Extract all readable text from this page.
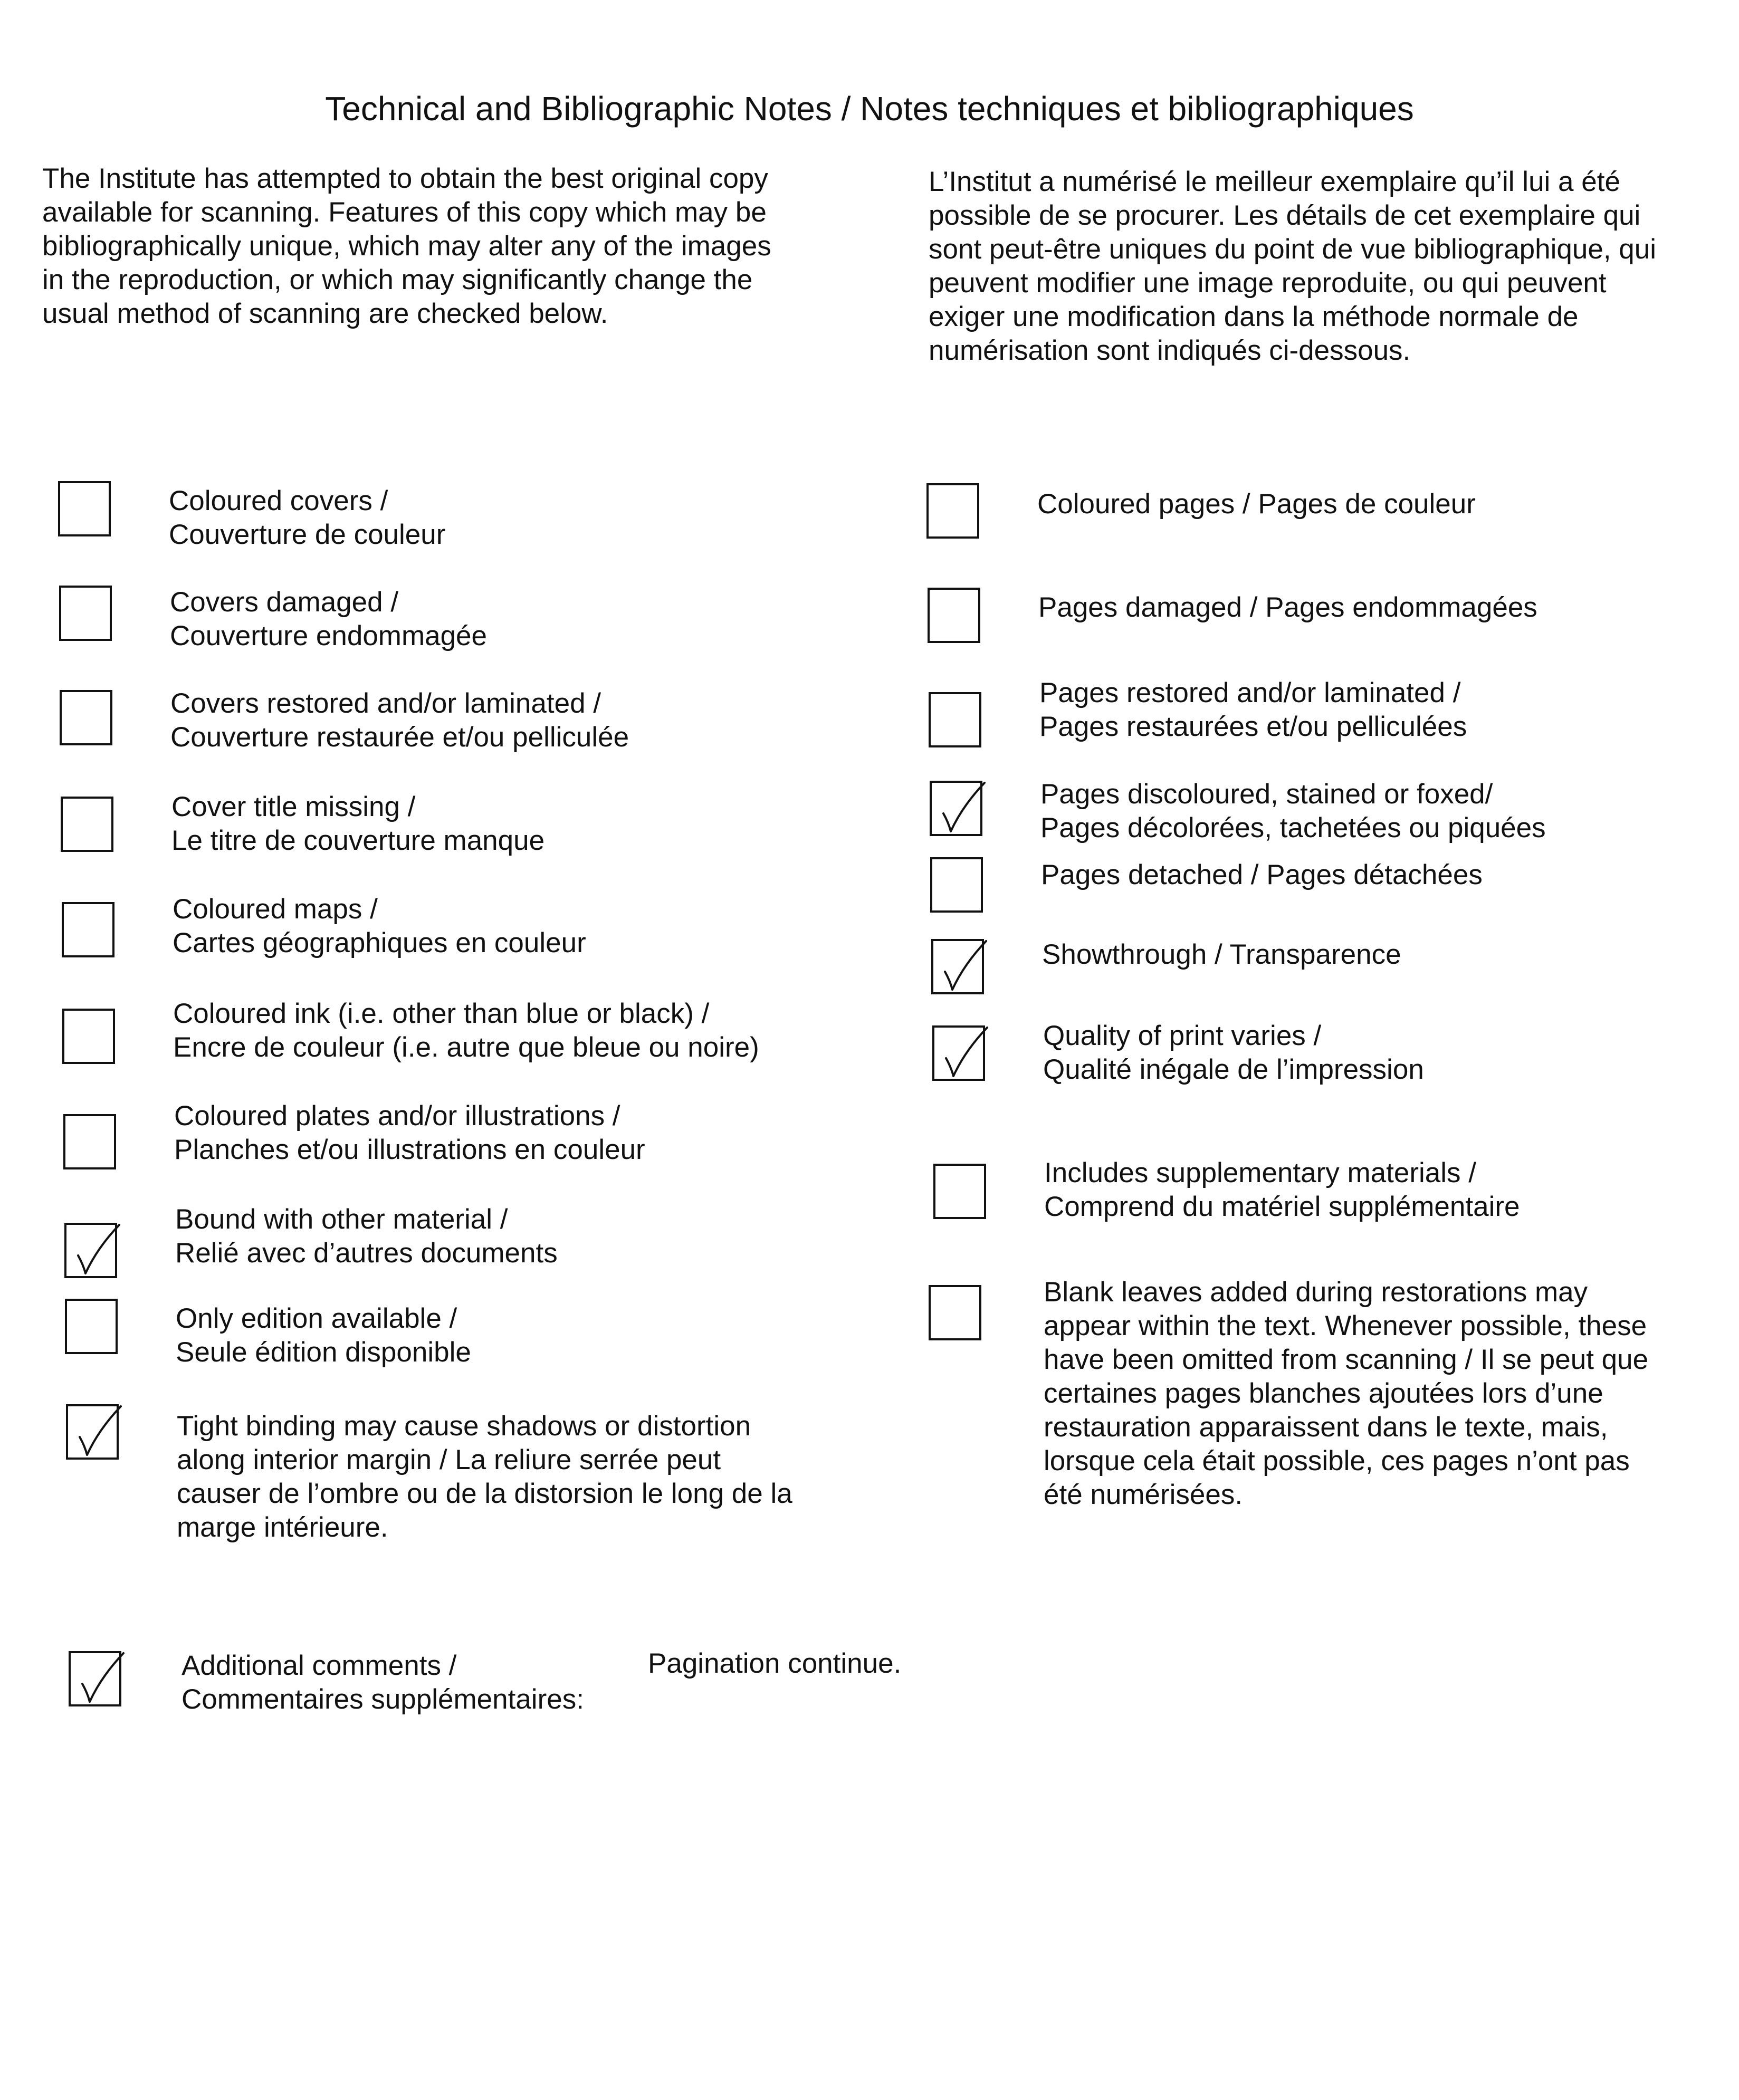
Technical and Bibliographic Notes / Notes techniques et bibliographiques
The Institute has attempted to obtain the best original copy
available for scanning. Features of this copy which may be
bibliographically unique, which may alter any of the images
in the reproduction, or which may significantly change the
usual method of scanning are checked below.
L’Institut a numérisé le meilleur exemplaire qu’il lui a été
possible de se procurer. Les détails de cet exemplaire qui
sont peut-être uniques du point de vue bibliographique, qui
peuvent modifier une image reproduite, ou qui peuvent
exiger une modification dans la méthode normale de
numérisation sont indiqués ci-dessous.
Coloured covers /
Couverture de couleur
Covers damaged /
Couverture endommagée
Covers restored and/or laminated /
Couverture restaurée et/ou pelliculée
Cover title missing /
Le titre de couverture manque
Coloured maps /
Cartes géographiques en couleur
Coloured ink (i.e. other than blue or black) /
Encre de couleur (i.e. autre que bleue ou noire)
Coloured plates and/or illustrations /
Planches et/ou illustrations en couleur
Bound with other material /
Relié avec d’autres documents
Only edition available /
Seule édition disponible
Tight binding may cause shadows or distortion
along interior margin / La reliure serrée peut
causer de l’ombre ou de la distorsion le long de la
marge intérieure.
Coloured pages / Pages de couleur
Pages damaged / Pages endommagées
Pages restored and/or laminated /
Pages restaurées et/ou pelliculées
Pages discoloured, stained or foxed/
Pages décolorées, tachetées ou piquées
Pages detached / Pages détachées
Showthrough / Transparence
Quality of print varies /
Qualité inégale de l’impression
Includes supplementary materials /
Comprend du matériel supplémentaire
Blank leaves added during restorations may
appear within the text. Whenever possible, these
have been omitted from scanning / Il se peut que
certaines pages blanches ajoutées lors d’une
restauration apparaissent dans le texte, mais,
lorsque cela était possible, ces pages n’ont pas
été numérisées.
Additional comments /
Commentaires supplémentaires:
Pagination continue.
